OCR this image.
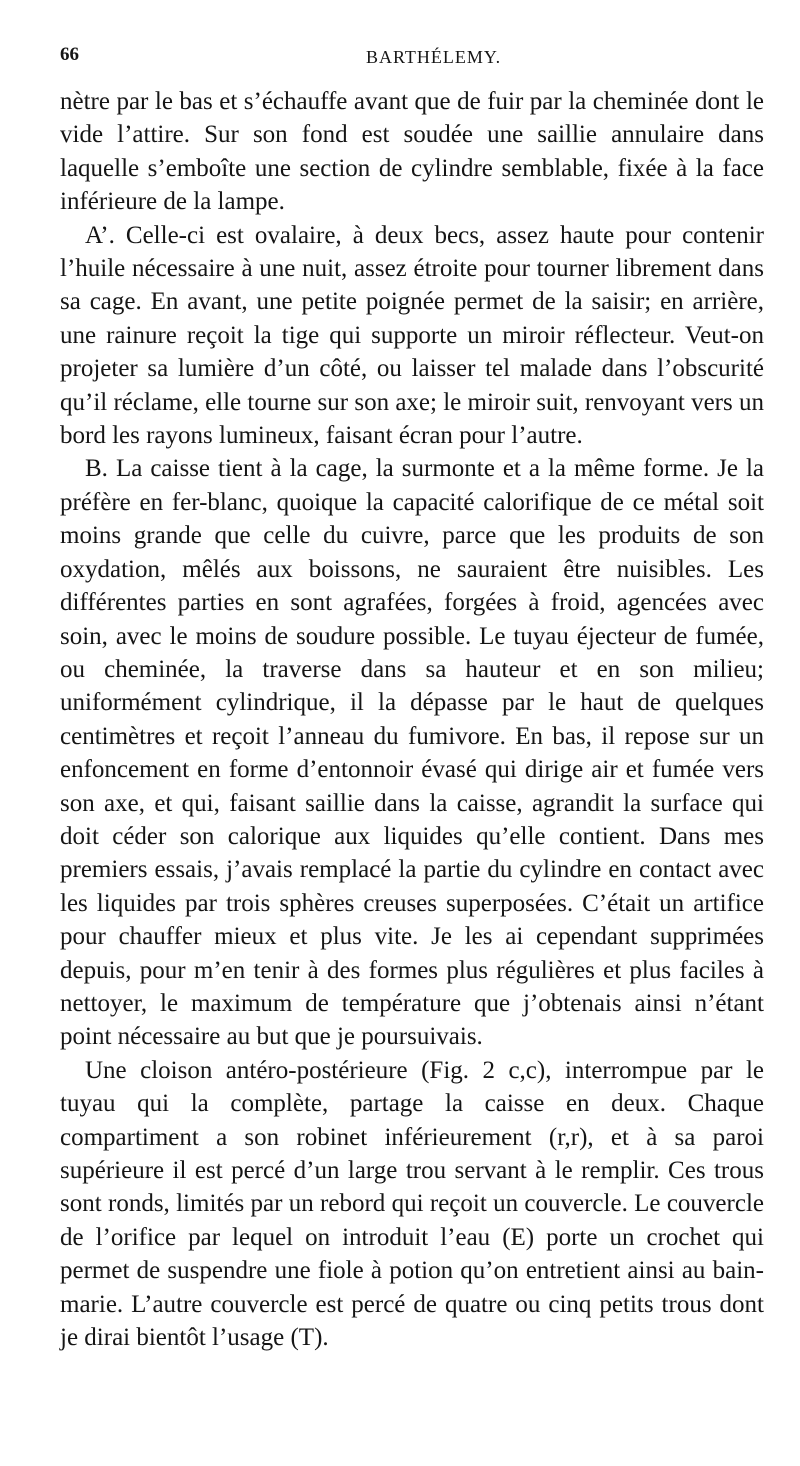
66	BARTHÉLEMY.

nètre par le bas et s’échauffe avant que de fuir par la cheminée dont le vide l’attire. Sur son fond est soudée une saillie annulaire dans laquelle s’emboîte une section de cylindre semblable, fixée à la face inférieure de la lampe.

A’. Celle-ci est ovalaire, à deux becs, assez haute pour contenir l’huile nécessaire à une nuit, assez étroite pour tourner librement dans sa cage. En avant, une petite poignée permet de la saisir; en arrière, une rainure reçoit la tige qui supporte un miroir réflecteur. Veut-on projeter sa lumière d’un côté, ou laisser tel malade dans l’obscurité qu’il réclame, elle tourne sur son axe; le miroir suit, renvoyant vers un bord les rayons lumineux, faisant écran pour l’autre.

B. La caisse tient à la cage, la surmonte et a la même forme. Je la préfère en fer-blanc, quoique la capacité calorifique de ce métal soit moins grande que celle du cuivre, parce que les produits de son oxydation, mêlés aux boissons, ne sauraient être nuisibles. Les différentes parties en sont agrafées, forgées à froid, agencées avec soin, avec le moins de soudure possible. Le tuyau éjecteur de fumée, ou cheminée, la traverse dans sa hauteur et en son milieu; uniformément cylindrique, il la dépasse par le haut de quelques centimètres et reçoit l’anneau du fumivore. En bas, il repose sur un enfoncement en forme d’entonnoir évasé qui dirige air et fumée vers son axe, et qui, faisant saillie dans la caisse, agrandit la surface qui doit céder son calorique aux liquides qu’elle contient. Dans mes premiers essais, j’avais remplacé la partie du cylindre en contact avec les liquides par trois sphères creuses superposées. C’était un artifice pour chauffer mieux et plus vite. Je les ai cependant supprimées depuis, pour m’en tenir à des formes plus régulières et plus faciles à nettoyer, le maximum de température que j’obtenais ainsi n’étant point nécessaire au but que je poursuivais.

Une cloison antéro-postérieure (Fig. 2 c,c), interrompue par le tuyau qui la complète, partage la caisse en deux. Chaque compartiment a son robinet inférieurement (r,r), et à sa paroi supérieure il est percé d’un large trou servant à le remplir. Ces trous sont ronds, limités par un rebord qui reçoit un couvercle. Le couvercle de l’orifice par lequel on introduit l’eau (E) porte un crochet qui permet de suspendre une fiole à potion qu’on entretient ainsi au bain-marie. L’autre couvercle est percé de quatre ou cinq petits trous dont je dirai bientôt l’usage (T).
